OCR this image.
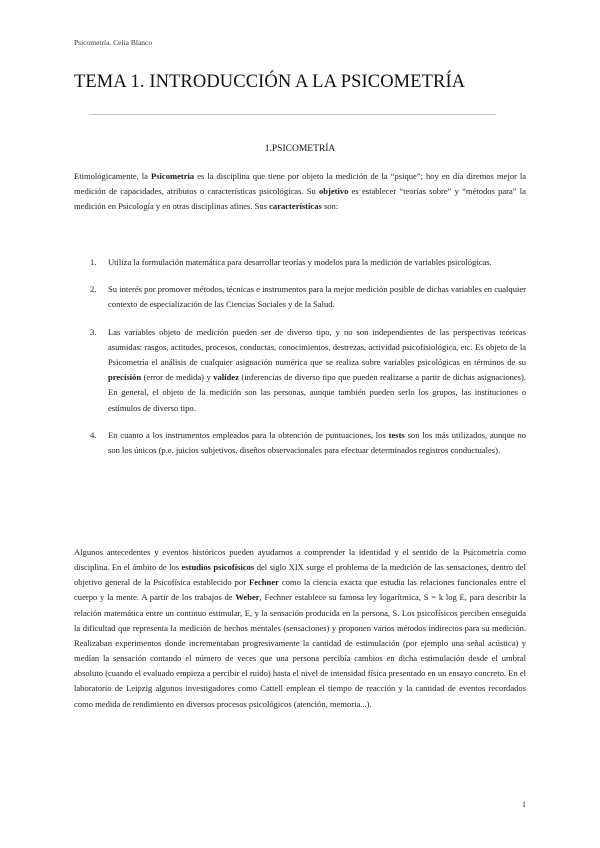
Psicometría. Celia Blanco
TEMA 1. INTRODUCCIÓN A LA PSICOMETRÍA
1.PSICOMETRÍA

Etimológicamente, la Psicometría es la disciplina que tiene por objeto la medición de la “psique”; hoy en día diremos mejor la medición de capacidades, atributos o características psicológicas. Su objetivo es establecer “teorías sobre” y “métodos para” la medición en Psicología y en otras disciplinas afines. Sus características son:

1. Utiliza la formulación matemática para desarrollar teorías y modelos para la medición de variables psicológicas.
2. Su interés por promover métodos, técnicas e instrumentos para la mejor medición posible de dichas variables en cualquier contexto de especialización de las Ciencias Sociales y de la Salud.
3. Las variables objeto de medición pueden ser de diverso tipo, y no son independientes de las perspectivas teóricas asumidas: rasgos, actitudes, procesos, conductas, conocimientos, destrezas, actividad psicofisiológica, etc. Es objeto de la Psicometría el análisis de cualquier asignación numérica que se realiza sobre variables psicológicas en términos de su precisión (error de medida) y validez (inferencias de diverso tipo que pueden realizarse a partir de dichas asignaciones). En general, el objeto de la medición son las personas, aunque también pueden serlo los grupos, las instituciones o estímulos de diverso tipo.
4. En cuanto a los instrumentos empleados para la obtención de puntuaciones, los tests son los más utilizados, aunque no son los únicos (p.e. juicios subjetivos, diseños observacionales para efectuar determinados registros conductuales).

Algunos antecedentes y eventos históricos pueden ayudarnos a comprender la identidad y el sentido de la Psicometría como disciplina. En el ámbito de los estudios psicofísicos del siglo XIX surge el problema de la medición de las sensaciones, dentro del objetivo general de la Psicofísica establecido por Fechner como la ciencia exacta que estudia las relaciones funcionales entre el cuerpo y la mente. A partir de los trabajos de Weber, Fechner establece su famosa ley logarítmica, S = k log E, para describir la relación matemática entre un continuo estimular, E, y la sensación producida en la persona, S. Los psicofísicos perciben enseguida la dificultad que representa la medición de hechos mentales (sensaciones) y proponen varios métodos indirectos para su medición. Realizaban experimentos donde incrementaban progresivamente la cantidad de estimulación (por ejemplo una señal acústica) y medían la sensación contando el número de veces que una persona percibía cambios en dicha estimulación desde el umbral absoluto (cuando el evaluado empieza a percibir el ruido) hasta el nivel de intensidad física presentado en un ensayo concreto. En el laboratorio de Leipzig algunos investigadores como Cattell emplean el tiempo de reacción y la cantidad de eventos recordados como medida de rendimiento en diversos procesos psicológicos (atención, memoria...).

1
